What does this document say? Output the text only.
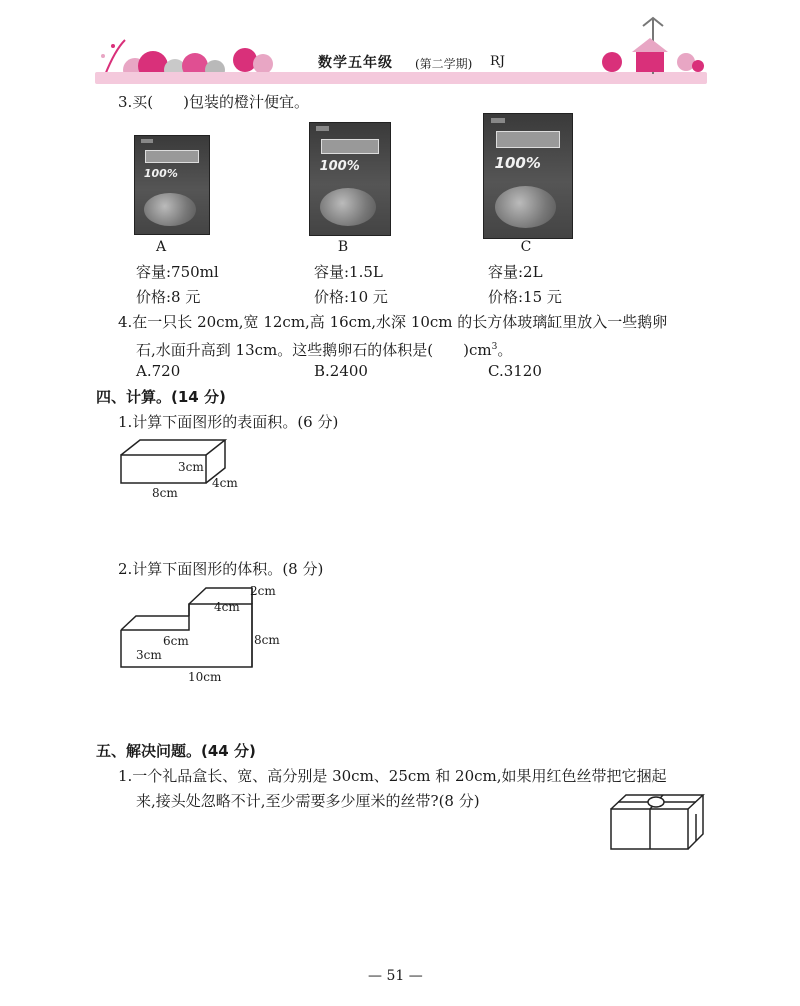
数学五年级 (第二学期) RJ
3.买(　　)包装的橙汁便宜。
100%
100%	100%
A	B	C
容量:750ml	容量:1.5L	容量:2L
价格:8 元	价格:10 元	价格:15 元
4.在一只长 20cm,宽 12cm,高 16cm,水深 10cm 的长方体玻璃缸里放入一些鹅卵
石,水面升高到 13cm。这些鹅卵石的体积是(　　)$cm^3$。
A.720	B.2400	C.3120
四、计算。(14 分)
1.计算下面图形的表面积。(6 分)
3cm
4cm
8cm
2.计算下面图形的体积。(8 分)
2cm
4cm
8cm
6cm
3cm
10cm
五、解决问题。(44 分)
1.一个礼品盒长、宽、高分别是 30cm、25cm 和 20cm,如果用红色丝带把它捆起
来,接头处忽略不计,至少需要多少厘米的丝带?(8 分)
— 51 —
